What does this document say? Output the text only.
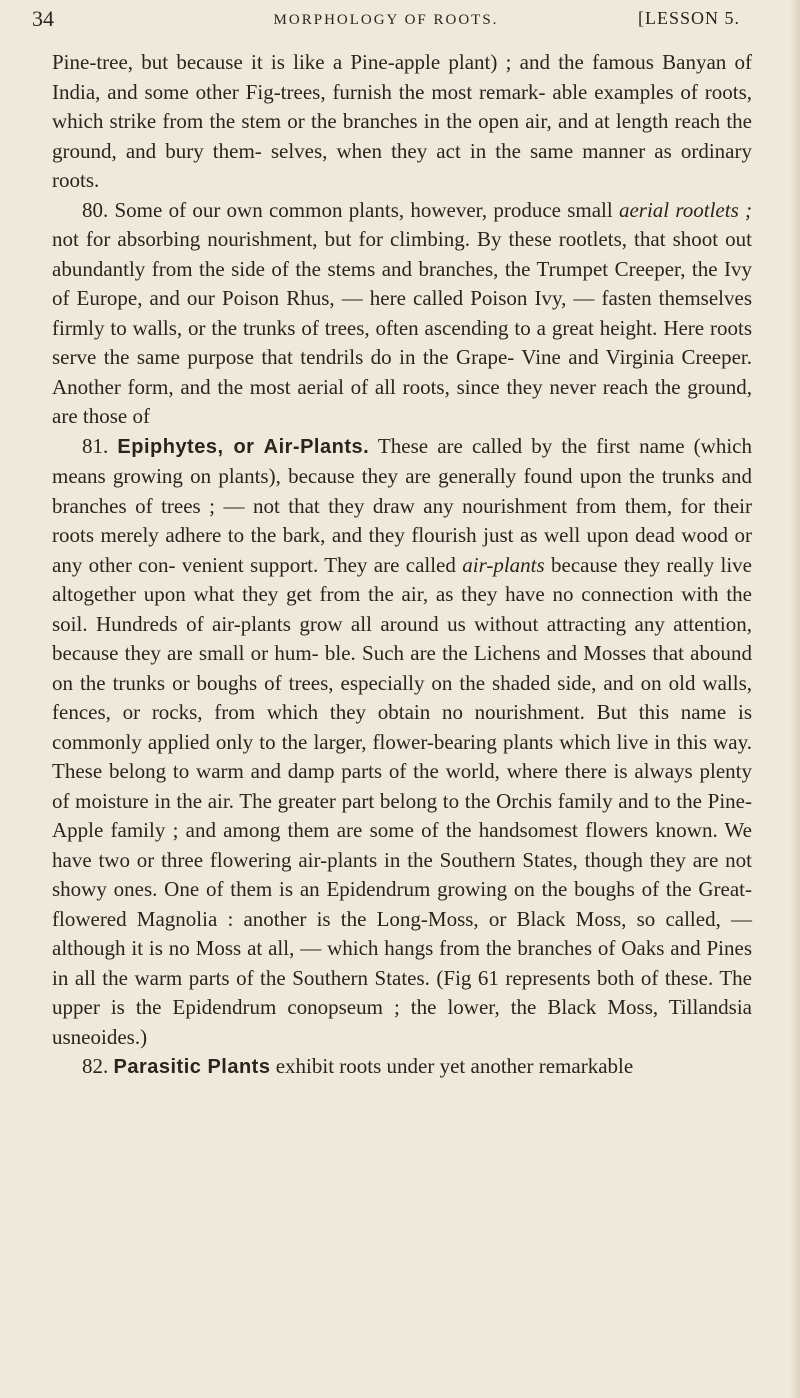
34	MORPHOLOGY OF ROOTS.	[LESSON 5.

Pine-tree, but because it is like a Pine-apple plant) ; and the famous Banyan of India, and some other Fig-trees, furnish the most remark- able examples of roots, which strike from the stem or the branches in the open air, and at length reach the ground, and bury them- selves, when they act in the same manner as ordinary roots.

80. Some of our own common plants, however, produce small aerial rootlets ; not for absorbing nourishment, but for climbing. By these rootlets, that shoot out abundantly from the side of the stems and branches, the Trumpet Creeper, the Ivy of Europe, and our Poison Rhus, — here called Poison Ivy, — fasten themselves firmly to walls, or the trunks of trees, often ascending to a great height. Here roots serve the same purpose that tendrils do in the Grape- Vine and Virginia Creeper. Another form, and the most aerial of all roots, since they never reach the ground, are those of

81. Epiphytes, or Air-Plants. These are called by the first name (which means growing on plants), because they are generally found upon the trunks and branches of trees ; — not that they draw any nourishment from them, for their roots merely adhere to the bark, and they flourish just as well upon dead wood or any other con- venient support. They are called air-plants because they really live altogether upon what they get from the air, as they have no connection with the soil. Hundreds of air-plants grow all around us without attracting any attention, because they are small or hum- ble. Such are the Lichens and Mosses that abound on the trunks or boughs of trees, especially on the shaded side, and on old walls, fences, or rocks, from which they obtain no nourishment. But this name is commonly applied only to the larger, flower-bearing plants which live in this way. These belong to warm and damp parts of the world, where there is always plenty of moisture in the air. The greater part belong to the Orchis family and to the Pine-Apple family ; and among them are some of the handsomest flowers known. We have two or three flowering air-plants in the Southern States, though they are not showy ones. One of them is an Epidendrum growing on the boughs of the Great-flowered Magnolia : another is the Long-Moss, or Black Moss, so called, — although it is no Moss at all, — which hangs from the branches of Oaks and Pines in all the warm parts of the Southern States. (Fig 61 represents both of these. The upper is the Epidendrum conopseum ; the lower, the Black Moss, Tillandsia usneoides.)

82. Parasitic Plants exhibit roots under yet another remarkable
